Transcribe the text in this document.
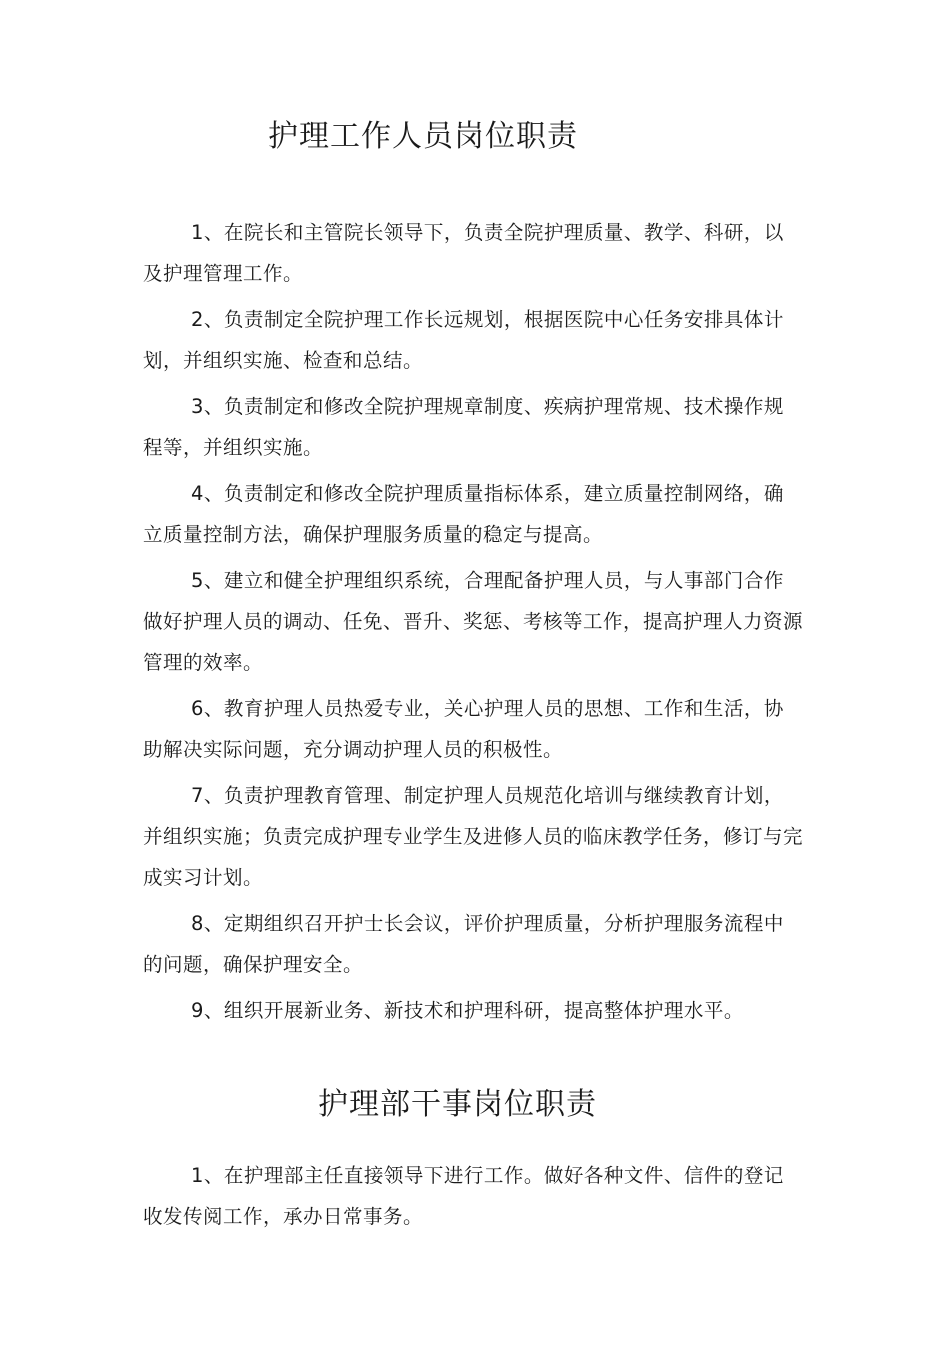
护理工作人员岗位职责

1、在院长和主管院长领导下，负责全院护理质量、教学、科研，以及护理管理工作。

2、负责制定全院护理工作长远规划，根据医院中心任务安排具体计划，并组织实施、检查和总结。

3、负责制定和修改全院护理规章制度、疾病护理常规、技术操作规程等，并组织实施。

4、负责制定和修改全院护理质量指标体系，建立质量控制网络，确立质量控制方法，确保护理服务质量的稳定与提高。

5、建立和健全护理组织系统，合理配备护理人员，与人事部门合作做好护理人员的调动、任免、晋升、奖惩、考核等工作，提高护理人力资源管理的效率。

6、教育护理人员热爱专业，关心护理人员的思想、工作和生活，协助解决实际问题，充分调动护理人员的积极性。

7、负责护理教育管理、制定护理人员规范化培训与继续教育计划，并组织实施；负责完成护理专业学生及进修人员的临床教学任务，修订与完成实习计划。

8、定期组织召开护士长会议，评价护理质量，分析护理服务流程中的问题，确保护理安全。

9、组织开展新业务、新技术和护理科研，提高整体护理水平。

护理部干事岗位职责

1、在护理部主任直接领导下进行工作。做好各种文件、信件的登记收发传阅工作，承办日常事务。
